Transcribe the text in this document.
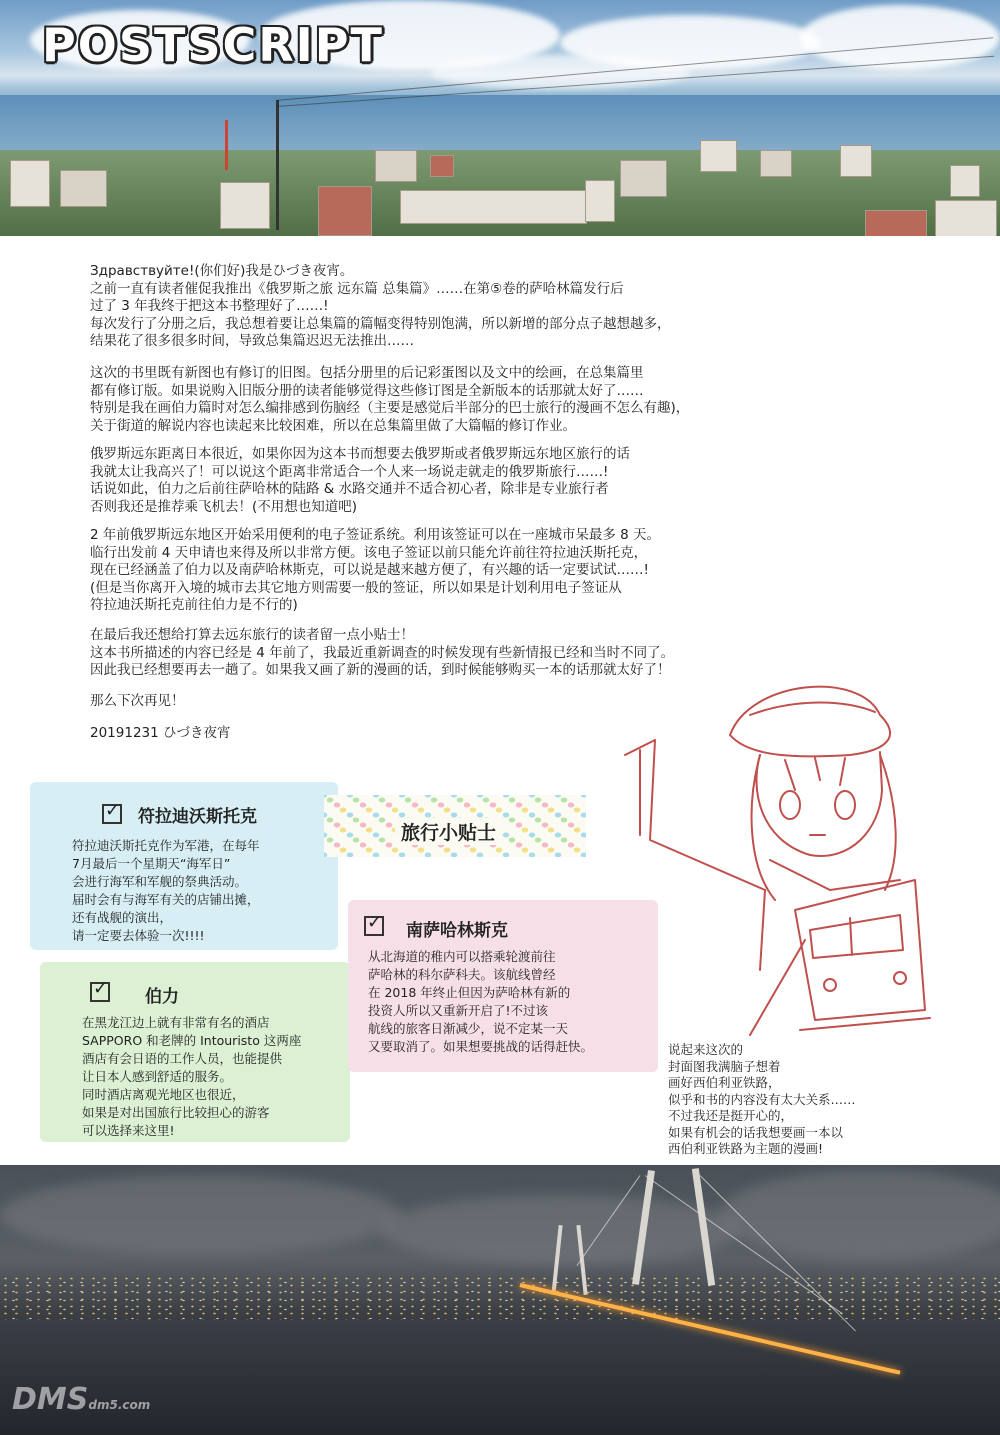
POSTSCRIPT

Здравствуйте!(你们好)我是ひづき夜宵。

之前一直有读者催促我推出《俄罗斯之旅 远东篇 总集篇》……在第⑤卷的萨哈林篇发行后

过了 3 年我终于把这本书整理好了……!

每次发行了分册之后，我总想着要让总集篇的篇幅变得特别饱满，所以新增的部分点子越想越多，

结果花了很多很多时间，导致总集篇迟迟无法推出……

这次的书里既有新图也有修订的旧图。包括分册里的后记彩蛋图以及文中的绘画，在总集篇里

都有修订版。如果说购入旧版分册的读者能够觉得这些修订图是全新版本的话那就太好了……

特别是我在画伯力篇时对怎么编排感到伤脑经（主要是感觉后半部分的巴士旅行的漫画不怎么有趣)，

关于街道的解说内容也读起来比较困难，所以在总集篇里做了大篇幅的修订作业。

俄罗斯远东距离日本很近，如果你因为这本书而想要去俄罗斯或者俄罗斯远东地区旅行的话

我就太让我高兴了！可以说这个距离非常适合一个人来一场说走就走的俄罗斯旅行……!

话说如此，伯力之后前往萨哈林的陆路 & 水路交通并不适合初心者，除非是专业旅行者

否则我还是推荐乘飞机去！(不用想也知道吧)

2 年前俄罗斯远东地区开始采用便利的电子签证系统。利用该签证可以在一座城市呆最多 8 天。

临行出发前 4 天申请也来得及所以非常方便。该电子签证以前只能允许前往符拉迪沃斯托克，

现在已经涵盖了伯力以及南萨哈林斯克，可以说是越来越方便了，有兴趣的话一定要试试……!

(但是当你离开入境的城市去其它地方则需要一般的签证，所以如果是计划利用电子签证从

符拉迪沃斯托克前往伯力是不行的)

在最后我还想给打算去远东旅行的读者留一点小贴士！

这本书所描述的内容已经是 4 年前了，我最近重新调查的时候发现有些新情报已经和当时不同了。

因此我已经想要再去一趟了。如果我又画了新的漫画的话，到时候能够购买一本的话那就太好了！

那么下次再见！

20191231 ひづき夜宵

✓
符拉迪沃斯托克
符拉迪沃斯托克作为军港，在每年
7月最后一个星期天“海军日”
会进行海军和军舰的祭典活动。
届时会有与海军有关的店铺出摊，
还有战舰的演出，
请一定要去体验一次!!!!
旅行小贴士
✓
伯力
在黑龙江边上就有非常有名的酒店
SAPPORO 和老牌的 Intouristo 这两座
酒店有会日语的工作人员，也能提供
让日本人感到舒适的服务。
同时酒店离观光地区也很近，
如果是对出国旅行比较担心的游客
可以选择来这里!
✓
南萨哈林斯克
从北海道的稚内可以搭乘轮渡前往
萨哈林的科尔萨科夫。该航线曾经
在 2018 年终止但因为萨哈林有新的
投资人所以又重新开启了!不过该
航线的旅客日渐减少，说不定某一天
又要取消了。如果想要挑战的话得赶快。	说起来这次的
封面图我满脑子想着
画好西伯利亚铁路，
似乎和书的内容没有太大关系……
不过我还是挺开心的，
如果有机会的话我想要画一本以
西伯利亚铁路为主题的漫画!
DMSdm5.com
